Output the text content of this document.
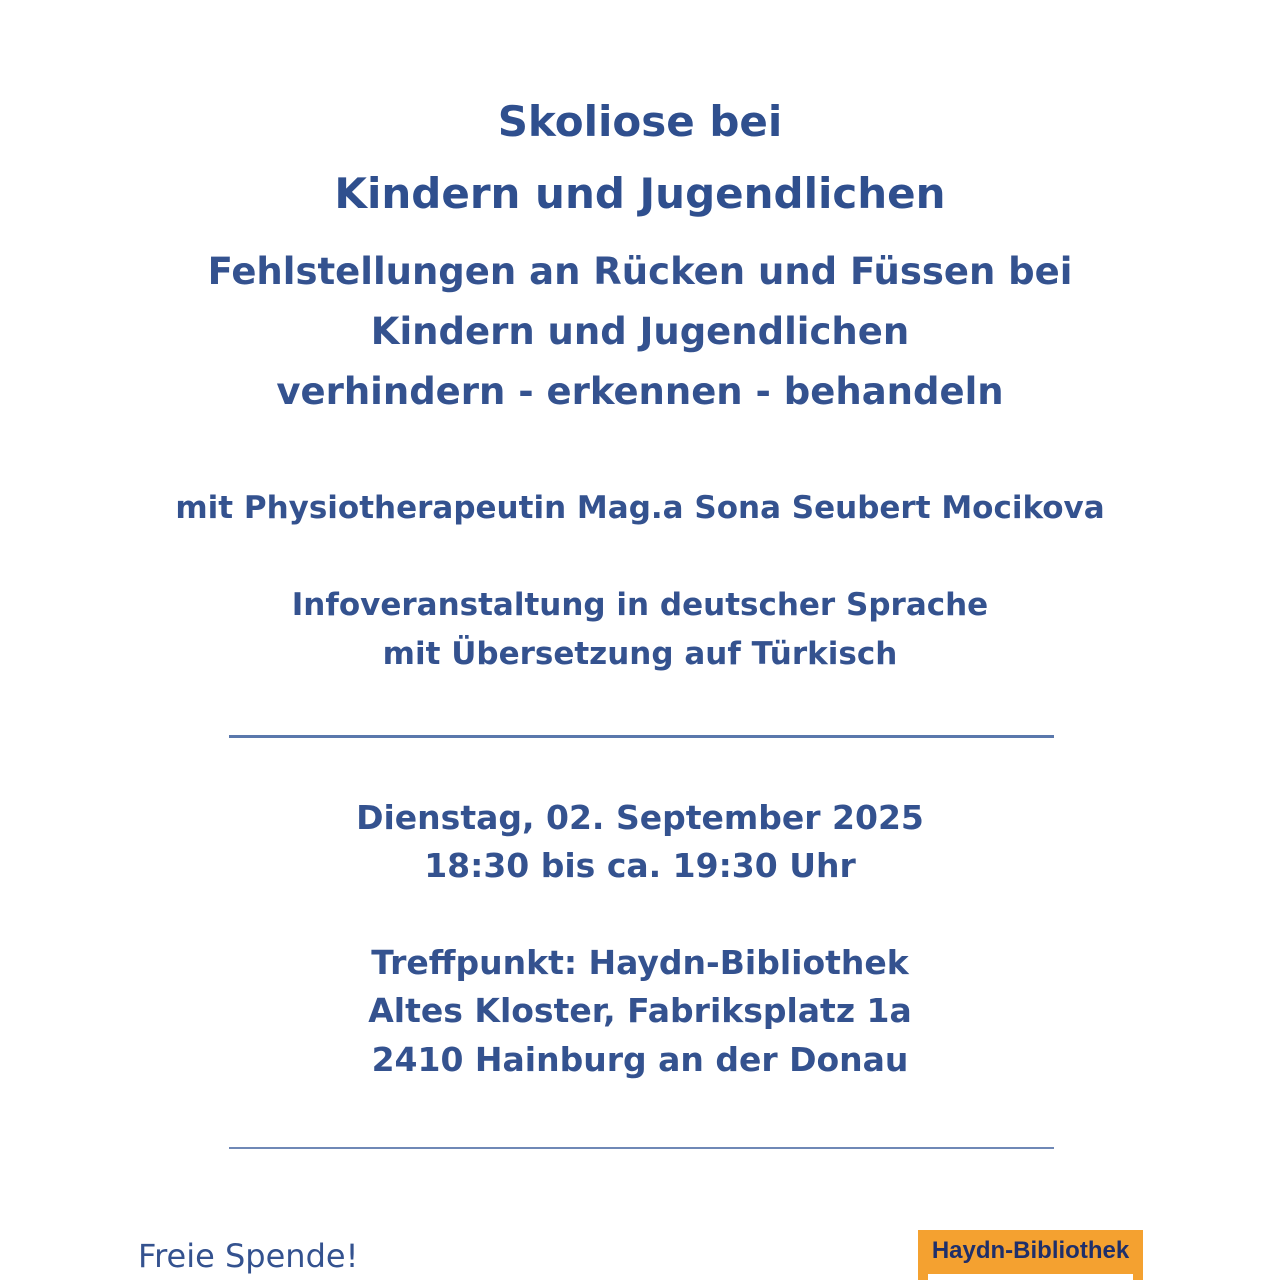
Skoliose bei
Kindern und Jugendlichen

Fehlstellungen an Rücken und Füssen bei

Kindern und Jugendlichen

verhindern - erkennen - behandeln

mit Physiotherapeutin Mag.a Sona Seubert Mocikova

Infoveranstaltung in deutscher Sprache

mit Übersetzung auf Türkisch

Dienstag, 02. September 2025

18:30 bis ca. 19:30 Uhr

Treffpunkt: Haydn-Bibliothek

Altes Kloster, Fabriksplatz 1a

2410 Hainburg an der Donau

Freie Spende!	Haydn-Bibliothek
